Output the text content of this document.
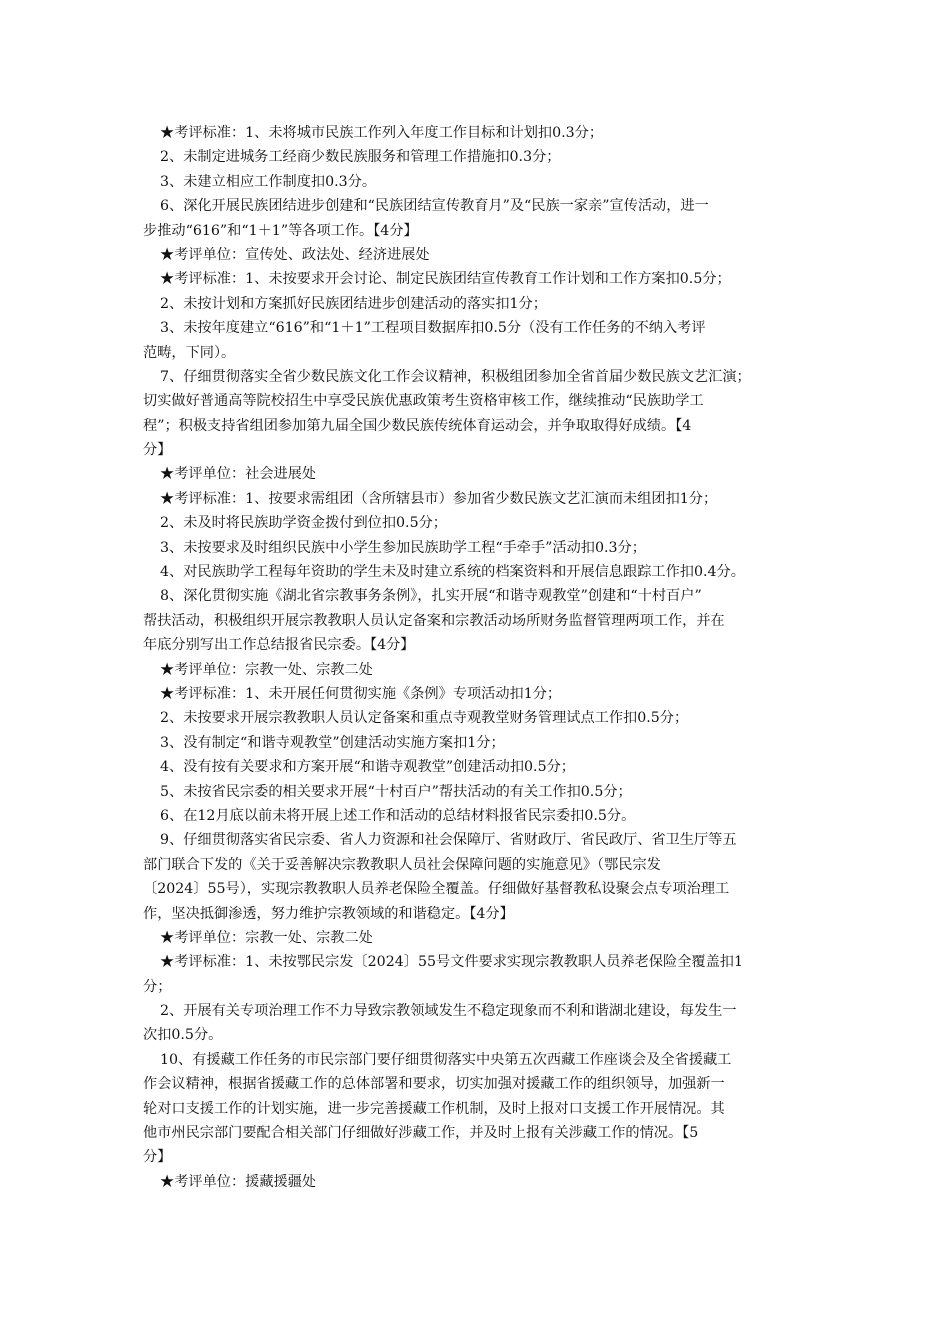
★考评标准：1、未将城市民族工作列入年度工作目标和计划扣0.3分；
2、未制定进城务工经商少数民族服务和管理工作措施扣0.3分；
3、未建立相应工作制度扣0.3分。
6、深化开展民族团结进步创建和“民族团结宣传教育月”及“民族一家亲”宣传活动，进一
步推动“616”和“1＋1”等各项工作。【4分】
★考评单位：宣传处、政法处、经济进展处
★考评标准：1、未按要求开会讨论、制定民族团结宣传教育工作计划和工作方案扣0.5分；
2、未按计划和方案抓好民族团结进步创建活动的落实扣1分；
3、未按年度建立“616”和“1＋1”工程项目数据库扣0.5分（没有工作任务的不纳入考评
范畴，下同）。
7、仔细贯彻落实全省少数民族文化工作会议精神，积极组团参加全省首届少数民族文艺汇演；
切实做好普通高等院校招生中享受民族优惠政策考生资格审核工作，继续推动“民族助学工
程”；积极支持省组团参加第九届全国少数民族传统体育运动会，并争取取得好成绩。【4
分】
★考评单位：社会进展处
★考评标准：1、按要求需组团（含所辖县市）参加省少数民族文艺汇演而未组团扣1分；
2、未及时将民族助学资金拨付到位扣0.5分；
3、未按要求及时组织民族中小学生参加民族助学工程“手牵手”活动扣0.3分；
4、对民族助学工程每年资助的学生未及时建立系统的档案资料和开展信息跟踪工作扣0.4分。
8、深化贯彻实施《湖北省宗教事务条例》，扎实开展“和谐寺观教堂”创建和“十村百户”
帮扶活动，积极组织开展宗教教职人员认定备案和宗教活动场所财务监督管理两项工作，并在
年底分别写出工作总结报省民宗委。【4分】
★考评单位：宗教一处、宗教二处
★考评标准：1、未开展任何贯彻实施《条例》专项活动扣1分；
2、未按要求开展宗教教职人员认定备案和重点寺观教堂财务管理试点工作扣0.5分；
3、没有制定“和谐寺观教堂”创建活动实施方案扣1分；
4、没有按有关要求和方案开展“和谐寺观教堂”创建活动扣0.5分；
5、未按省民宗委的相关要求开展“十村百户”帮扶活动的有关工作扣0.5分；
6、在12月底以前未将开展上述工作和活动的总结材料报省民宗委扣0.5分。
9、仔细贯彻落实省民宗委、省人力资源和社会保障厅、省财政厅、省民政厅、省卫生厅等五
部门联合下发的《关于妥善解决宗教教职人员社会保障问题的实施意见》（鄂民宗发
〔2024〕55号），实现宗教教职人员养老保险全覆盖。仔细做好基督教私设聚会点专项治理工
作，坚决抵御渗透，努力维护宗教领域的和谐稳定。【4分】
★考评单位：宗教一处、宗教二处
★考评标准：1、未按鄂民宗发〔2024〕55号文件要求实现宗教教职人员养老保险全覆盖扣1
分；
2、开展有关专项治理工作不力导致宗教领域发生不稳定现象而不利和谐湖北建设，每发生一
次扣0.5分。
10、有援藏工作任务的市民宗部门要仔细贯彻落实中央第五次西藏工作座谈会及全省援藏工
作会议精神，根据省援藏工作的总体部署和要求，切实加强对援藏工作的组织领导，加强新一
轮对口支援工作的计划实施，进一步完善援藏工作机制，及时上报对口支援工作开展情况。其
他市州民宗部门要配合相关部门仔细做好涉藏工作，并及时上报有关涉藏工作的情况。【5
分】
★考评单位：援藏援疆处
